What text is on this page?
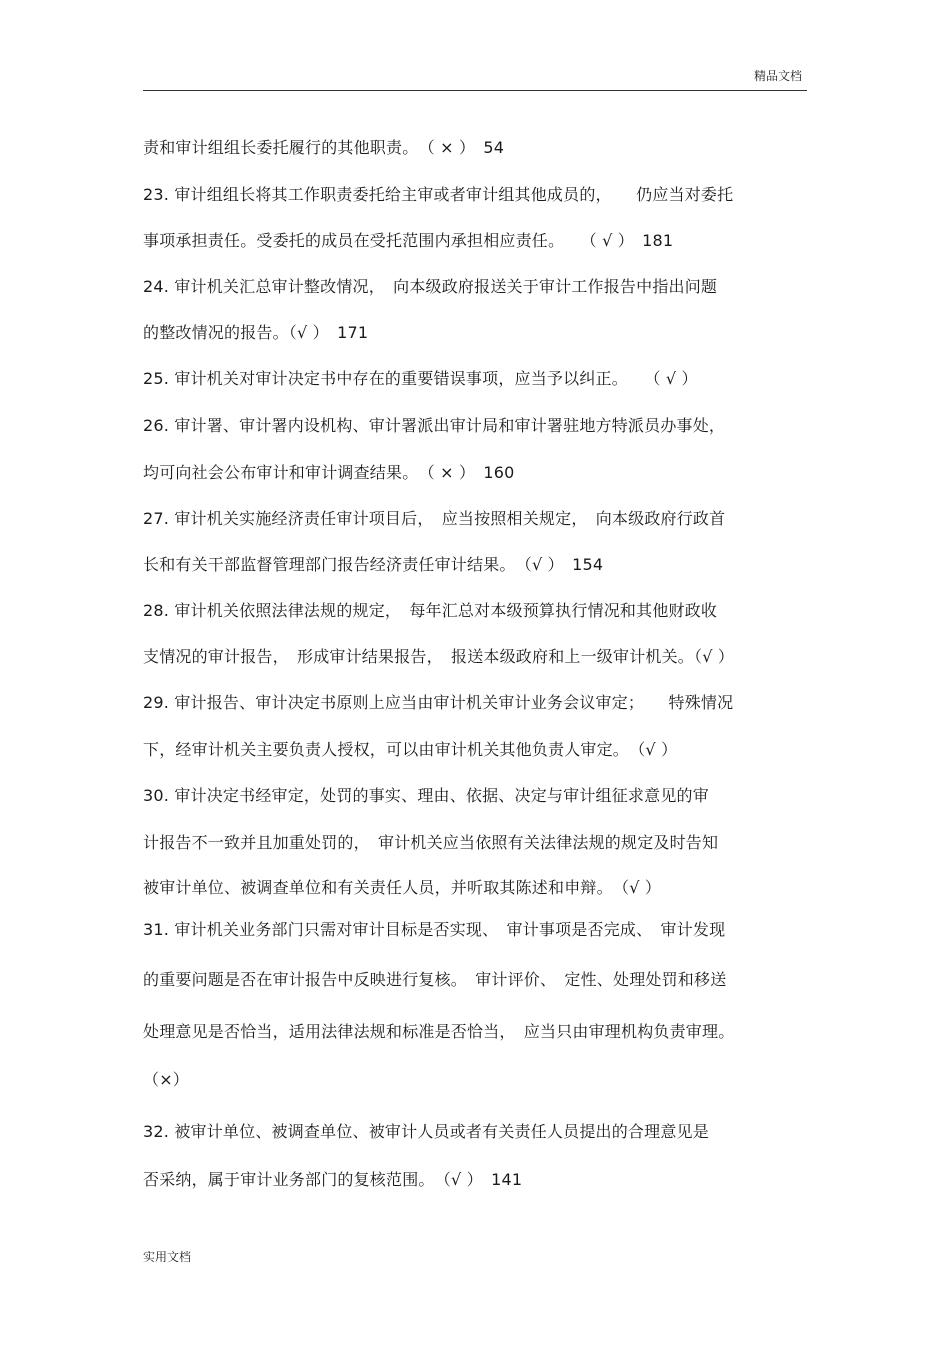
精品文档
责和审计组组长委托履行的其他职责。　（ × ）　54
23. 审计组组长将其工作职责委托给主审或者审计组其他成员的，　　仍应当对委托
事项承担责任。受委托的成员在受托范围内承担相应责任。　　（ √ ）　181
24. 审计机关汇总审计整改情况，　向本级政府报送关于审计工作报告中指出问题
的整改情况的报告。（√ ）　171
25. 审计机关对审计决定书中存在的重要错误事项，应当予以纠正。　　（ √ ）
26. 审计署、审计署内设机构、审计署派出审计局和审计署驻地方特派员办事处，
均可向社会公布审计和审计调查结果。　（ × ）　160
27. 审计机关实施经济责任审计项目后，　应当按照相关规定，　向本级政府行政首
长和有关干部监督管理部门报告经济责任审计结果。　（√ ）　154
28. 审计机关依照法律法规的规定，　每年汇总对本级预算执行情况和其他财政收
支情况的审计报告，　形成审计结果报告，　报送本级政府和上一级审计机关。（√ ）
29. 审计报告、审计决定书原则上应当由审计机关审计业务会议审定；　　特殊情况
下，经审计机关主要负责人授权，可以由审计机关其他负责人审定。　（√ ）
30. 审计决定书经审定，处罚的事实、理由、依据、决定与审计组征求意见的审
计报告不一致并且加重处罚的，　审计机关应当依照有关法律法规的规定及时告知
被审计单位、被调查单位和有关责任人员，并听取其陈述和申辩。　（√ ）
31. 审计机关业务部门只需对审计目标是否实现、　审计事项是否完成、　审计发现
的重要问题是否在审计报告中反映进行复核。　审计评价、　定性、处理处罚和移送
处理意见是否恰当，适用法律法规和标准是否恰当，　应当只由审理机构负责审理。
（×）
32. 被审计单位、被调查单位、被审计人员或者有关责任人员提出的合理意见是
否采纳，属于审计业务部门的复核范围。　（√ ）　141
实用文档
